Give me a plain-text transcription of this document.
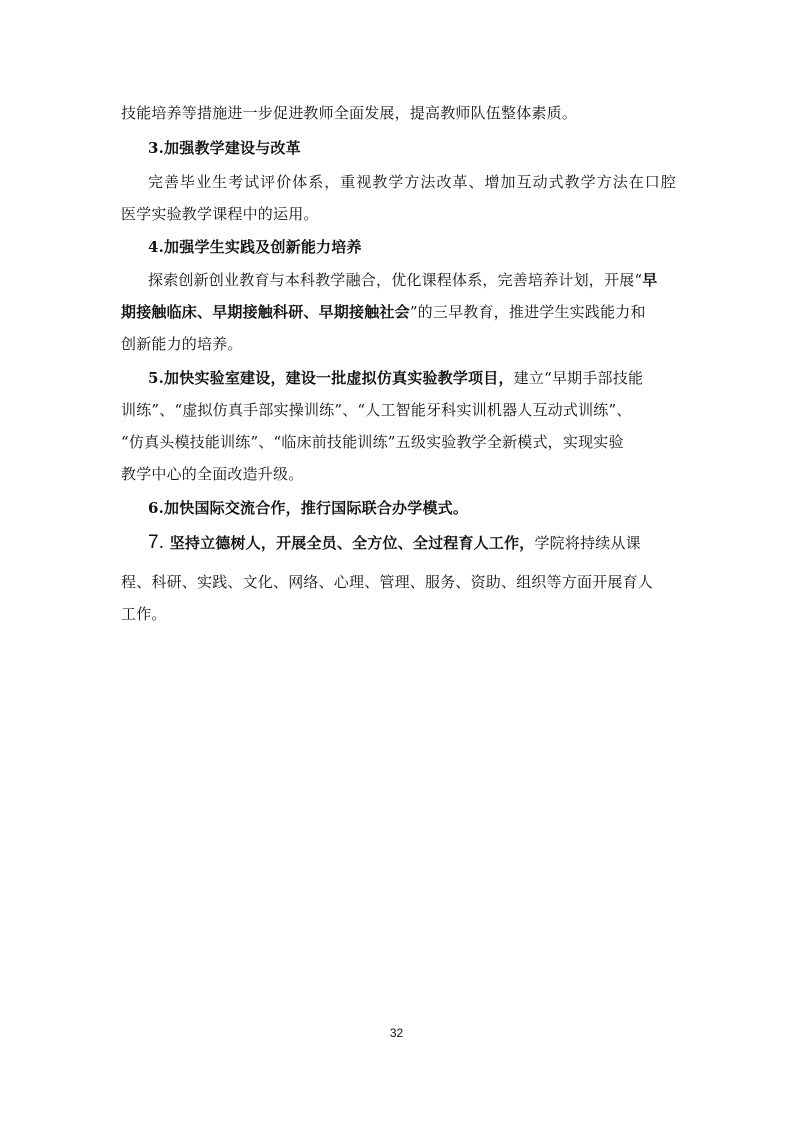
技能培养等措施进一步促进教师全面发展，提高教师队伍整体素质。
3.加强教学建设与改革
完善毕业生考试评价体系，重视教学方法改革、增加互动式教学方法在口腔
医学实验教学课程中的运用。
4.加强学生实践及创新能力培养
探索创新创业教育与本科教学融合，优化课程体系，完善培养计划，开展“早
期接触临床、早期接触科研、早期接触社会”的三早教育，推进学生实践能力和
创新能力的培养。
5.加快实验室建设，建设一批虚拟仿真实验教学项目，建立“早期手部技能
训练”、“虚拟仿真手部实操训练”、“人工智能牙科实训机器人互动式训练”、
“仿真头模技能训练”、“临床前技能训练”五级实验教学全新模式，实现实验
教学中心的全面改造升级。
6.加快国际交流合作，推行国际联合办学模式。
7. 坚持立德树人，开展全员、全方位、全过程育人工作，学院将持续从课
程、科研、实践、文化、网络、心理、管理、服务、资助、组织等方面开展育人
工作。
32
